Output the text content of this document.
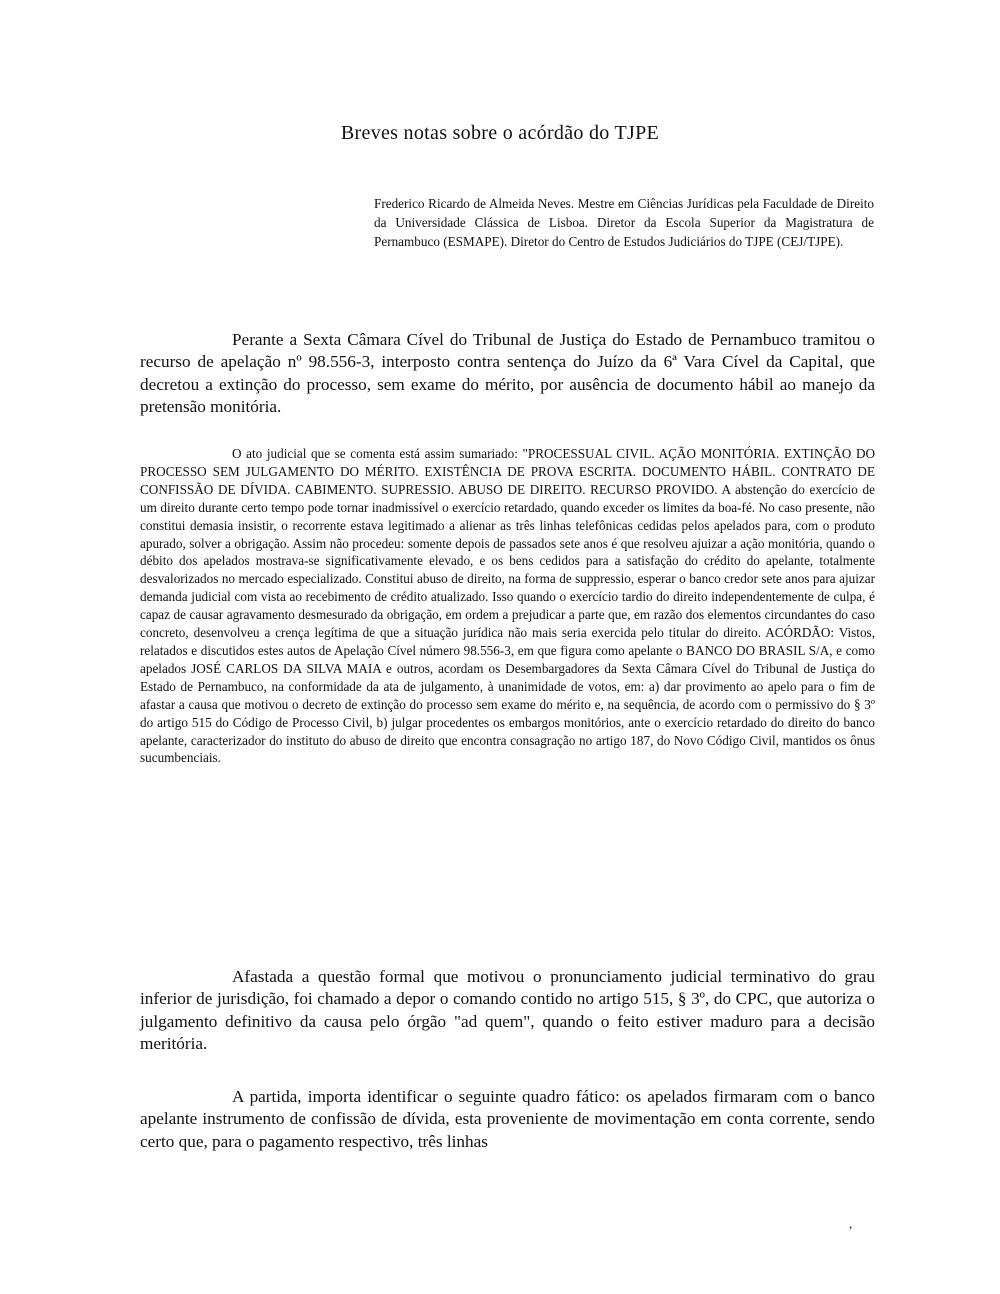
Breves notas sobre o acórdão do TJPE
Frederico Ricardo de Almeida Neves. Mestre em Ciências Jurídicas pela Faculdade de Direito da Universidade Clássica de Lisboa. Diretor da Escola Superior da Magistratura de Pernambuco (ESMAPE). Diretor do Centro de Estudos Judiciários do TJPE (CEJ/TJPE).

Perante a Sexta Câmara Cível do Tribunal de Justiça do Estado de Pernambuco tramitou o recurso de apelação nº 98.556-3, interposto contra sentença do Juízo da 6ª Vara Cível da Capital, que decretou a extinção do processo, sem exame do mérito, por ausência de documento hábil ao manejo da pretensão monitória.

O ato judicial que se comenta está assim sumariado: "PROCESSUAL CIVIL. AÇÃO MONITÓRIA. EXTINÇÃO DO PROCESSO SEM JULGAMENTO DO MÉRITO. EXISTÊNCIA DE PROVA ESCRITA. DOCUMENTO HÁBIL. CONTRATO DE CONFISSÃO DE DÍVIDA. CABIMENTO. SUPRESSIO. ABUSO DE DIREITO. RECURSO PROVIDO. A abstenção do exercício de um direito durante certo tempo pode tornar inadmissível o exercício retardado, quando exceder os limites da boa-fé. No caso presente, não constitui demasia insistir, o recorrente estava legitimado a alienar as três linhas telefônicas cedidas pelos apelados para, com o produto apurado, solver a obrigação. Assim não procedeu: somente depois de passados sete anos é que resolveu ajuizar a ação monitória, quando o débito dos apelados mostrava-se significativamente elevado, e os bens cedidos para a satisfação do crédito do apelante, totalmente desvalorizados no mercado especializado. Constitui abuso de direito, na forma de suppressio, esperar o banco credor sete anos para ajuizar demanda judicial com vista ao recebimento de crédito atualizado. Isso quando o exercício tardio do direito independentemente de culpa, é capaz de causar agravamento desmesurado da obrigação, em ordem a prejudicar a parte que, em razão dos elementos circundantes do caso concreto, desenvolveu a crença legítima de que a situação jurídica não mais seria exercida pelo titular do direito. ACÓRDÃO: Vistos, relatados e discutidos estes autos de Apelação Cível número 98.556-3, em que figura como apelante o BANCO DO BRASIL S/A, e como apelados JOSÉ CARLOS DA SILVA MAIA e outros, acordam os Desembargadores da Sexta Câmara Cível do Tribunal de Justiça do Estado de Pernambuco, na conformidade da ata de julgamento, à unanimidade de votos, em: a) dar provimento ao apelo para o fim de afastar a causa que motivou o decreto de extinção do processo sem exame do mérito e, na sequência, de acordo com o permissivo do § 3º do artigo 515 do Código de Processo Civil, b) julgar procedentes os embargos monitórios, ante o exercício retardado do direito do banco apelante, caracterizador do instituto do abuso de direito que encontra consagração no artigo 187, do Novo Código Civil, mantidos os ônus sucumbenciais.

Afastada a questão formal que motivou o pronunciamento judicial terminativo do grau inferior de jurisdição, foi chamado a depor o comando contido no artigo 515, § 3º, do CPC, que autoriza o julgamento definitivo da causa pelo órgão "ad quem", quando o feito estiver maduro para a decisão meritória.

A partida, importa identificar o seguinte quadro fático: os apelados firmaram com o banco apelante instrumento de confissão de dívida, esta proveniente de movimentação em conta corrente, sendo certo que, para o pagamento respectivo, três linhas

,
